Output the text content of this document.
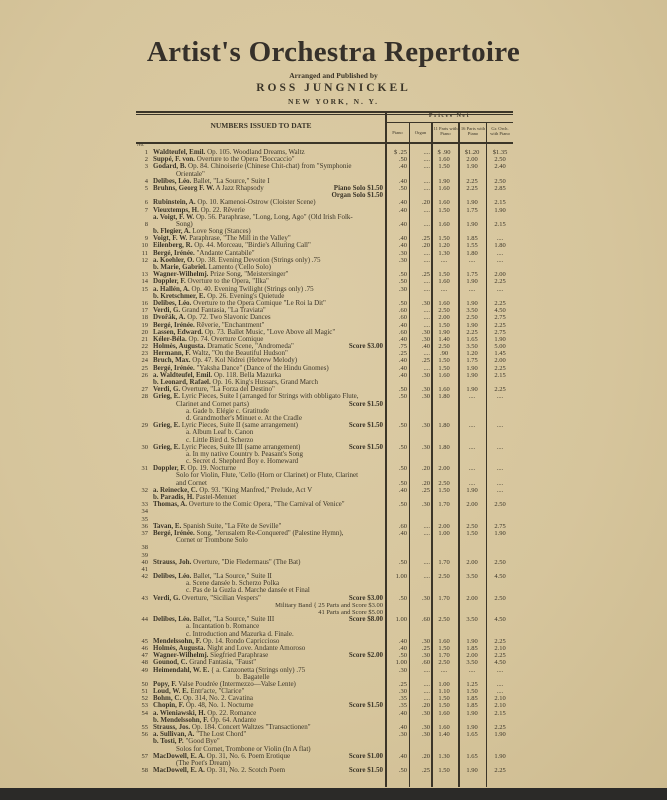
Artist's Orchestra Repertoire
Arranged and Published by
ROSS JUNGNICKEL
NEW YORK, N. Y.
NUMBERS ISSUED TO DATE
Prices Net
Piano	Organ
11 Parts with Piano
16 Parts with Piano
Gr. Orch. with Piano
No.
1 Waldteufel, Emil. Op. 105. Woodland Dreams, Waltz	$ .25	....	$ .90	$1.20	$1.35
2 Suppé, F. von. Overture to the Opera "Boccaccio"	.50	....	1.60	2.00	2.50
3 Godard, B. Op. 84. Chinoiserie (Chinese Chit-chat) from "Symphonie	.40	....	1.50	1.90	2.40
Orientale"
4 Delibes, Léo. Ballet, "La Source," Suite I	.40	....	1.90	2.25	2.50
5 Bruhns, Georg F. W. A Jazz Rhapsody	Piano Solo $1.50	.50	....	1.60	2.25	2.85
Organ Solo $1.50
6 Rubinstein, A. Op. 10. Kamenoi-Ostrow (Cloister Scene)	.40	.20	1.60	1.90	2.15
7 Vieuxtemps, H. Op. 22. Rêverie	.40	....	1.50	1.75	1.90
a. Voigt, F. W. Op. 56. Paraphrase, "Long, Long, Ago" (Old Irish Folk-
8	Song)	.40	....	1.60	1.90	2.15
b. Flegier, A. Love Song (Stances)
9 Voigt, F. W. Paraphrase, "The Mill in the Valley"	.40	.25	1.50	1.85	....
10 Eilenberg, R. Op. 44. Morceau, "Birdie's Alluring Call"	.40	.20	1.20	1.55	1.80
11 Bergé, Irénée. "Andante Cantabile"	.30	....	1.30	1.80	....
12 a. Koehler, O. Op. 38. Evening Devotion (Strings only) .75	.30	....	....	....	....
b. Marie, Gabriel. Lamento ('Cello Solo)
13 Wagner-Wilhelmj. Prize Song, "Meistersinger"	.50	.25	1.50	1.75	2.00
14 Doppler, F. Overture to the Opera, "Ilka"	.50	....	1.60	1.90	2.25
15 a. Hallén, A. Op. 40. Evening Twilight (Strings only) .75	.30	....	....	....	....
b. Kretschmer, E. Op. 26. Evening's Quietude
16 Delibes, Léo. Overture to the Opera Comique "Le Roi la Dit"	.50	.30	1.60	1.90	2.25
17 Verdi, G. Grand Fantasia, "La Traviata"	.60	....	2.50	3.50	4.50
18 Dvořák, A. Op. 72. Two Slavonic Dances	.60	....	2.00	2.50	2.75
19 Bergé, Irénée. Rêverie, "Enchantment"	.40	....	1.50	1.90	2.25
20 Lassen, Edward. Op. 73. Ballet Music, "Love Above all Magic"	.60	.30	1.90	2.25	2.75
21 Kéler-Béla. Op. 74. Overture Comique	.40	.30	1.40	1.65	1.90
22 Holmès, Augusta. Dramatic Scene, "Andromeda"	Score $3.00	.75	.40	2.50	3.50	5.00
23 Hermann, F. Waltz, "On the Beautiful Hudson"	.25	....	.90	1.20	1.45
24 Bruch, Max. Op. 47. Kol Nidrei (Hebrew Melody)	.40	.25	1.50	1.75	2.00
25 Bergé, Irénée. "Yaksha Dance" (Dance of the Hindu Gnomes)	.40	....	1.50	1.90	2.25
26 a. Waldteufel, Emil. Op. 118. Bella Mazurka	.40	.30	1.60	1.90	2.15
b. Leonard, Rafael. Op. 16. King's Hussars, Grand March
27 Verdi, G. Overture, "La Forza del Destino"	.50	.30	1.60	1.90	2.25
28 Grieg, E. Lyric Pieces, Suite I (arranged for Strings with obbligato Flute,	.50	.30	1.80	....	....
Clarinet and Cornet parts)	Score $1.50
a. Gade b. Elégie c. Gratitude
d. Grandmother's Minuet e. At the Cradle
29 Grieg, E. Lyric Pieces, Suite II (same arrangement)	Score $1.50	.50	.30	1.80	....	....
a. Album Leaf b. Canon
c. Little Bird d. Scherzo
30 Grieg, E. Lyric Pieces, Suite III (same arrangement)	Score $1.50	.50	.30	1.80	....	....
a. In my native Country b. Peasant's Song
c. Secret d. Shepherd Boy e. Homeward
31 Doppler, F. Op. 19. Nocturne	.50	.20	2.00	....	....
Solo for Violin, Flute, 'Cello (Horn or Clarinet) or Flute, Clarinet
and Cornet	.50	.20	2.50	....	....
32 a. Reinecke, C. Op. 93. "King Manfred," Prelude, Act V	.40	.25	1.50	1.90	....
b. Paradis, H. Pastel-Menuet
33 Thomas, A. Overture to the Comic Opera, "The Carnival of Venice"	.50	.30	1.70	2.00	2.50
34
35
36 Tavan, E. Spanish Suite, "La Fête de Seville"	.60	....	2.00	2.50	2.75
37 Bergé, Irénée. Song, "Jerusalem Re-Conquered" (Palestine Hymn),	.40	....	1.00	1.50	1.90
Cornet or Trombone Solo
38
39
40 Strauss, Joh. Overture, "Die Fledermaus" (The Bat)	.50	....	1.70	2.00	2.50
41
42 Delibes, Léo. Ballet, "La Source," Suite II	1.00	....	2.50	3.50	4.50
a. Scene dansée b. Scherzo Polka
c. Pas de la Guzla d. Marche dansée et Final
43 Verdi, G. Overture, "Sicilian Vespers"	Score $3.00	.50	.30	1.70	2.00	2.50
Military Band { 25 Parts and Score $3.00
41 Parts and Score $5.00
44 Delibes, Léo. Ballet, "La Source," Suite III	Score $8.00	1.00	.60	2.50	3.50	4.50
a. Incantation b. Romance
c. Introduction and Mazurka d. Finale.
45 Mendelssohn, F. Op. 14. Rondo Capriccioso	.40	.30	1.60	1.90	2.25
46 Holmès, Augusta. Night and Love. Andante Amoroso	.40	.25	1.50	1.85	2.10
47 Wagner-Wilhelmj. Siegfried Paraphrase	Score $2.00	.50	.30	1.70	2.00	2.25
48 Gounod, C. Grand Fantasia, "Faust"	1.00	.60	2.50	3.50	4.50
49 Heimendahl, W. E. { a. Canzonetta (Strings only) .75	.30	....	....	....	....
b. Bagatelle
50 Popy, F. Valse Poudrée (Intermezzo—Valse Lente)	.25	....	1.00	1.25	....
51 Loud, W. E. Entr'acte, "Clarice"	.30	....	1.10	1.50	....
52 Bohm, C. Op. 314, No. 2. Cavatina	.35	....	1.50	1.85	2.10
53 Chopin, F. Op. 48, No. 1. Nocturne	Score $1.50	.35	.20	1.50	1.85	2.10
54 a. Wieniawski, H. Op. 22. Romance	.40	.30	1.60	1.90	2.15
b. Mendelssohn, F. Op. 64. Andante
55 Strauss, Jos. Op. 184. Concert Waltzes "Transactionen"	.40	.30	1.60	1.90	2.25
56 a. Sullivan, A. "The Lost Chord"	.30	.30	1.40	1.65	1.90
b. Tosti, P. "Good Bye"
Solos for Cornet, Trombone or Violin (In A flat)
57 MacDowell, E. A. Op. 31, No. 6. Poem Erotique	Score $1.00	.40	.20	1.30	1.65	1.90
(The Poet's Dream)
58 MacDowell, E. A. Op. 31, No. 2. Scotch Poem	Score $1.50	.50	.25	1.50	1.90	2.25
